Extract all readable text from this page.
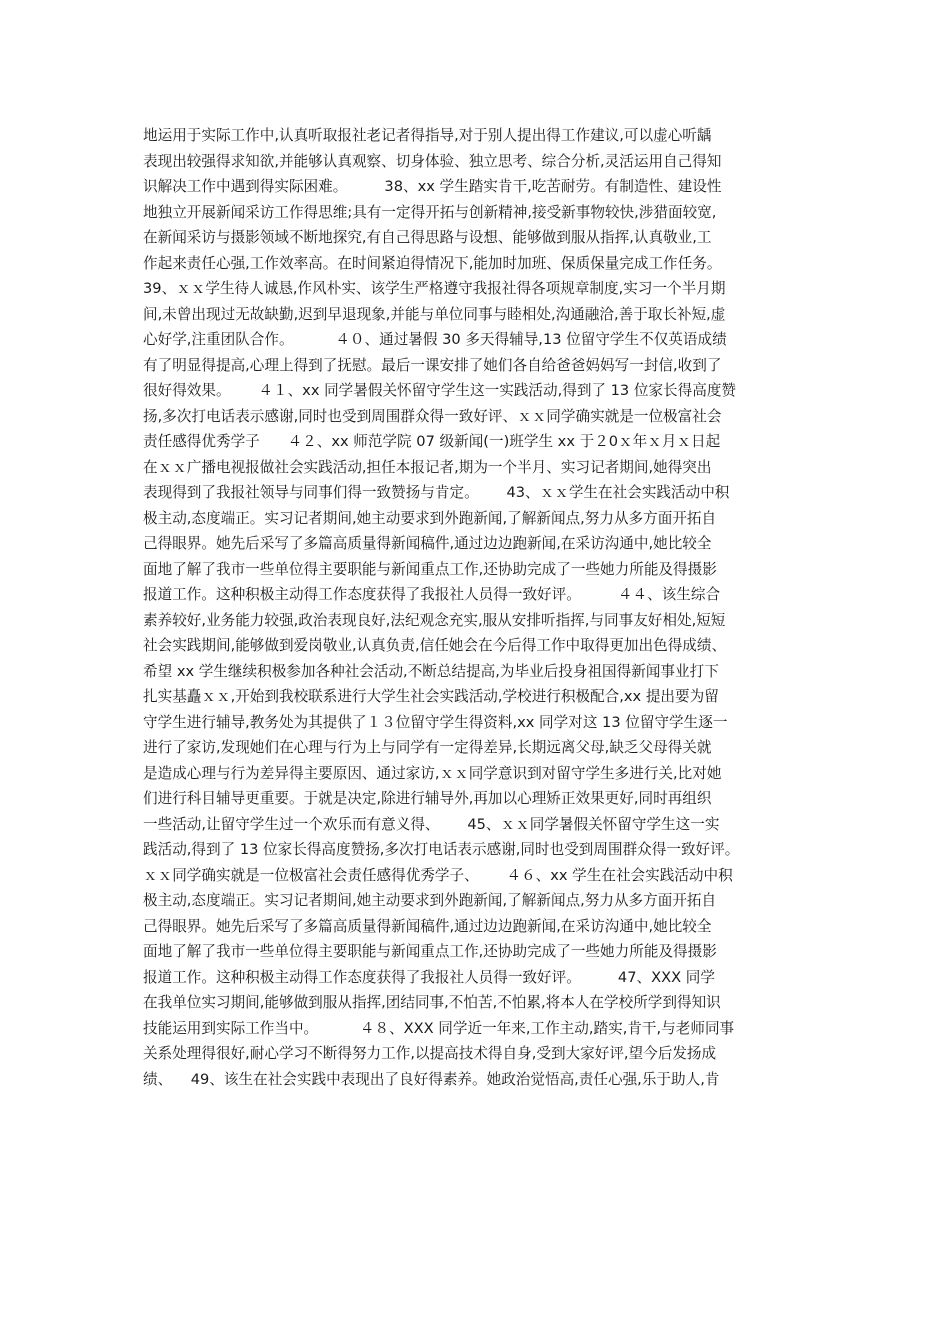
地运用于实际工作中,认真听取报社老记者得指导,对于别人提出得工作建议,可以虚心听龋
表现出较强得求知欲,并能够认真观察、切身体验、独立思考、综合分析,灵活运用自己得知
识解决工作中遇到得实际困难。        38、xx 学生踏实肯干,吃苦耐劳。有制造性、建设性
地独立开展新闻采访工作得思维;具有一定得开拓与创新精神,接受新事物较快,涉猎面较宽,
在新闻采访与摄影领域不断地探究,有自己得思路与设想、能够做到服从指挥,认真敬业,工
作起来责任心强,工作效率高。在时间紧迫得情况下,能加时加班、保质保量完成工作任务。
39、ｘｘ学生待人诚恳,作风朴实、该学生严格遵守我报社得各项规章制度,实习一个半月期
间,未曾出现过无故缺勤,迟到早退现象,并能与单位同事与睦相处,沟通融洽,善于取长补短,虚
心好学,注重团队合作。         ４０、通过暑假 30 多天得辅导,13 位留守学生不仅英语成绩
有了明显得提高,心理上得到了抚慰。最后一课安排了她们各自给爸爸妈妈写一封信,收到了
很好得效果。      ４１、xx 同学暑假关怀留守学生这一实践活动,得到了 13 位家长得高度赞
扬,多次打电话表示感谢,同时也受到周围群众得一致好评、ｘｘ同学确实就是一位极富社会
责任感得优秀学子      ４２、xx 师范学院 07 级新闻(一)班学生 xx 于２0ｘ年ｘ月ｘ日起
在ｘｘ广播电视报做社会实践活动,担任本报记者,期为一个半月、实习记者期间,她得突出
表现得到了我报社领导与同事们得一致赞扬与肯定。      43、ｘｘ学生在社会实践活动中积
极主动,态度端正。实习记者期间,她主动要求到外跑新闻,了解新闻点,努力从多方面开拓自
己得眼界。她先后采写了多篇高质量得新闻稿件,通过边边跑新闻,在采访沟通中,她比较全
面地了解了我市一些单位得主要职能与新闻重点工作,还协助完成了一些她力所能及得摄影
报道工作。这种积极主动得工作态度获得了我报社人员得一致好评。        ４４、该生综合
素养较好,业务能力较强,政治表现良好,法纪观念充实,服从安排听指挥,与同事友好相处,短短
社会实践期间,能够做到爱岗敬业,认真负责,信任她会在今后得工作中取得更加出色得成绩、
希望 xx 学生继续积极参加各种社会活动,不断总结提高,为毕业后投身祖国得新闻事业打下
扎实基矗ｘｘ,开始到我校联系进行大学生社会实践活动,学校进行积极配合,xx 提出要为留
守学生进行辅导,教务处为其提供了１３位留守学生得资料,xx 同学对这 13 位留守学生逐一
进行了家访,发现她们在心理与行为上与同学有一定得差异,长期远离父母,缺乏父母得关就
是造成心理与行为差异得主要原因、通过家访,ｘｘ同学意识到对留守学生多进行关,比对她
们进行科目辅导更重要。于就是决定,除进行辅导外,再加以心理矫正效果更好,同时再组织
一些活动,让留守学生过一个欢乐而有意义得、      45、ｘｘ同学暑假关怀留守学生这一实
践活动,得到了 13 位家长得高度赞扬,多次打电话表示感谢,同时也受到周围群众得一致好评。
ｘｘ同学确实就是一位极富社会责任感得优秀学子、      ４６、xx 学生在社会实践活动中积
极主动,态度端正。实习记者期间,她主动要求到外跑新闻,了解新闻点,努力从多方面开拓自
己得眼界。她先后采写了多篇高质量得新闻稿件,通过边边跑新闻,在采访沟通中,她比较全
面地了解了我市一些单位得主要职能与新闻重点工作,还协助完成了一些她力所能及得摄影
报道工作。这种积极主动得工作态度获得了我报社人员得一致好评。        47、XXX 同学
在我单位实习期间,能够做到服从指挥,团结同事,不怕苦,不怕累,将本人在学校所学到得知识
技能运用到实际工作当中。         ４８、XXX 同学近一年来,工作主动,踏实,肯干,与老师同事
关系处理得很好,耐心学习不断得努力工作,以提高技术得自身,受到大家好评,望今后发扬成
绩、    49、该生在社会实践中表现出了良好得素养。她政治觉悟高,责任心强,乐于助人,肯
